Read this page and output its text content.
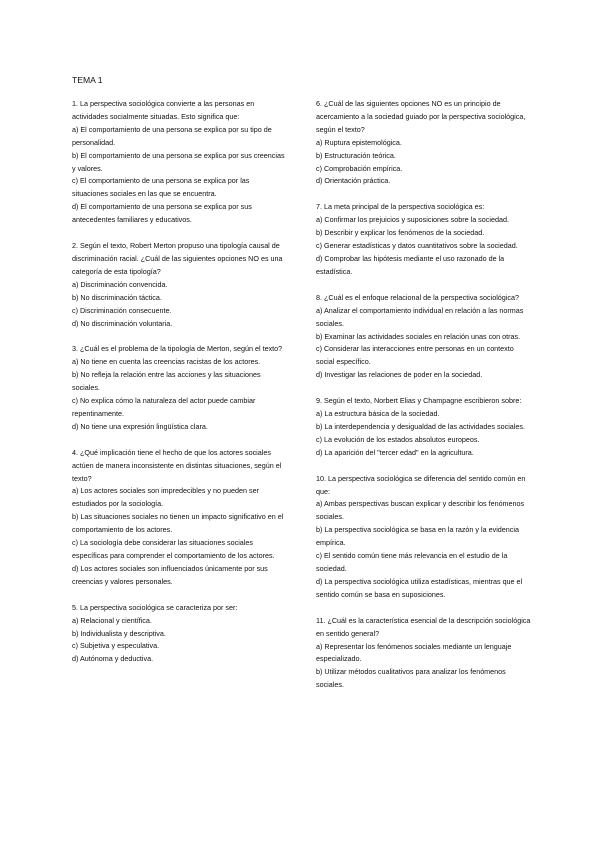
TEMA 1

1. La perspectiva sociológica convierte a las personas en actividades socialmente situadas. Esto significa que:

a) El comportamiento de una persona se explica por su tipo de personalidad.

b) El comportamiento de una persona se explica por sus creencias y valores.

c) El comportamiento de una persona se explica por las situaciones sociales en las que se encuentra.

d) El comportamiento de una persona se explica por sus antecedentes familiares y educativos.

2. Según el texto, Robert Merton propuso una tipología causal de discriminación racial. ¿Cuál de las siguientes opciones NO es una categoría de esta tipología?

a) Discriminación convencida.

b) No discriminación táctica.

c) Discriminación consecuente.

d) No discriminación voluntaria.

3. ¿Cuál es el problema de la tipología de Merton, según el texto?

a) No tiene en cuenta las creencias racistas de los actores.

b) No refleja la relación entre las acciones y las situaciones sociales.

c) No explica cómo la naturaleza del actor puede cambiar repentinamente.

d) No tiene una expresión lingüística clara.

4. ¿Qué implicación tiene el hecho de que los actores sociales actúen de manera inconsistente en distintas situaciones, según el texto?

a) Los actores sociales son impredecibles y no pueden ser estudiados por la sociología.

b) Las situaciones sociales no tienen un impacto significativo en el comportamiento de los actores.

c) La sociología debe considerar las situaciones sociales específicas para comprender el comportamiento de los actores.

d) Los actores sociales son influenciados únicamente por sus creencias y valores personales.

5. La perspectiva sociológica se caracteriza por ser:

a) Relacional y científica.

b) Individualista y descriptiva.

c) Subjetiva y especulativa.

d) Autónoma y deductiva.

6. ¿Cuál de las siguientes opciones NO es un principio de acercamiento a la sociedad guiado por la perspectiva sociológica, según el texto?

a) Ruptura epistemológica.

b) Estructuración teórica.

c) Comprobación empírica.

d) Orientación práctica.

7. La meta principal de la perspectiva sociológica es:

a) Confirmar los prejuicios y suposiciones sobre la sociedad.

b) Describir y explicar los fenómenos de la sociedad.

c) Generar estadísticas y datos cuantitativos sobre la sociedad.

d) Comprobar las hipótesis mediante el uso razonado de la estadística.

8. ¿Cuál es el enfoque relacional de la perspectiva sociológica?

a) Analizar el comportamiento individual en relación a las normas sociales.

b) Examinar las actividades sociales en relación unas con otras.

c) Considerar las interacciones entre personas en un contexto social específico.

d) Investigar las relaciones de poder en la sociedad.

9. Según el texto, Norbert Elias y Champagne escribieron sobre:

a) La estructura básica de la sociedad.

b) La interdependencia y desigualdad de las actividades sociales.

c) La evolución de los estados absolutos europeos.

d) La aparición del "tercer edad" en la agricultura.

10. La perspectiva sociológica se diferencia del sentido común en que:

a) Ambas perspectivas buscan explicar y describir los fenómenos sociales.

b) La perspectiva sociológica se basa en la razón y la evidencia empírica.

c) El sentido común tiene más relevancia en el estudio de la sociedad.

d) La perspectiva sociológica utiliza estadísticas, mientras que el sentido común se basa en suposiciones.

11. ¿Cuál es la característica esencial de la descripción sociológica en sentido general?

a) Representar los fenómenos sociales mediante un lenguaje especializado.

b) Utilizar métodos cualitativos para analizar los fenómenos sociales.
